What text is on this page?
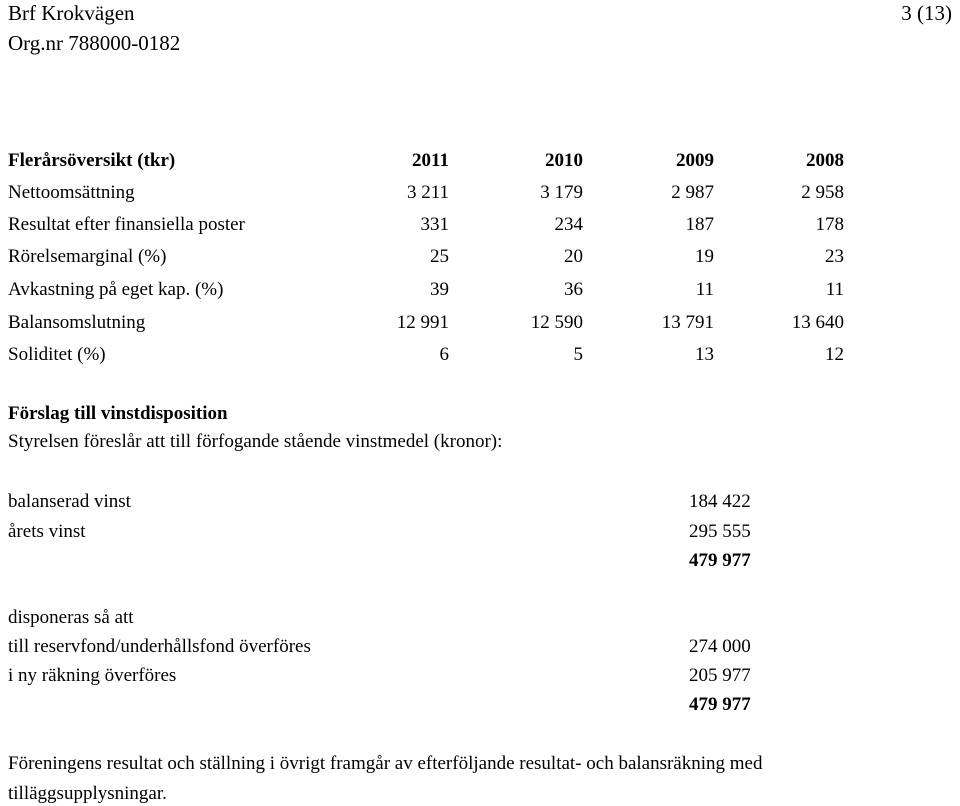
Brf Krokvägen
Org.nr 788000-0182
3 (13)
Flerårsöversikt (tkr)	2011	2010	2009	2008
Nettoomsättning	3 211	3 179	2 987	2 958
Resultat efter finansiella poster	331	234	187	178
Rörelsemarginal (%)	25	20	19	23
Avkastning på eget kap. (%)	39	36	11	11
Balansomslutning	12 991	12 590	13 791	13 640
Soliditet (%)	6	5	13	12
Förslag till vinstdisposition
Styrelsen föreslår att till förfogande stående vinstmedel (kronor):
balanserad vinst	184 422
årets vinst	295 555
479 977
disponeras så att
till reservfond/underhållsfond överföres	274 000
i ny räkning överföres	205 977
479 977
Föreningens resultat och ställning i övrigt framgår av efterföljande resultat- och balansräkning med
tilläggsupplysningar.
